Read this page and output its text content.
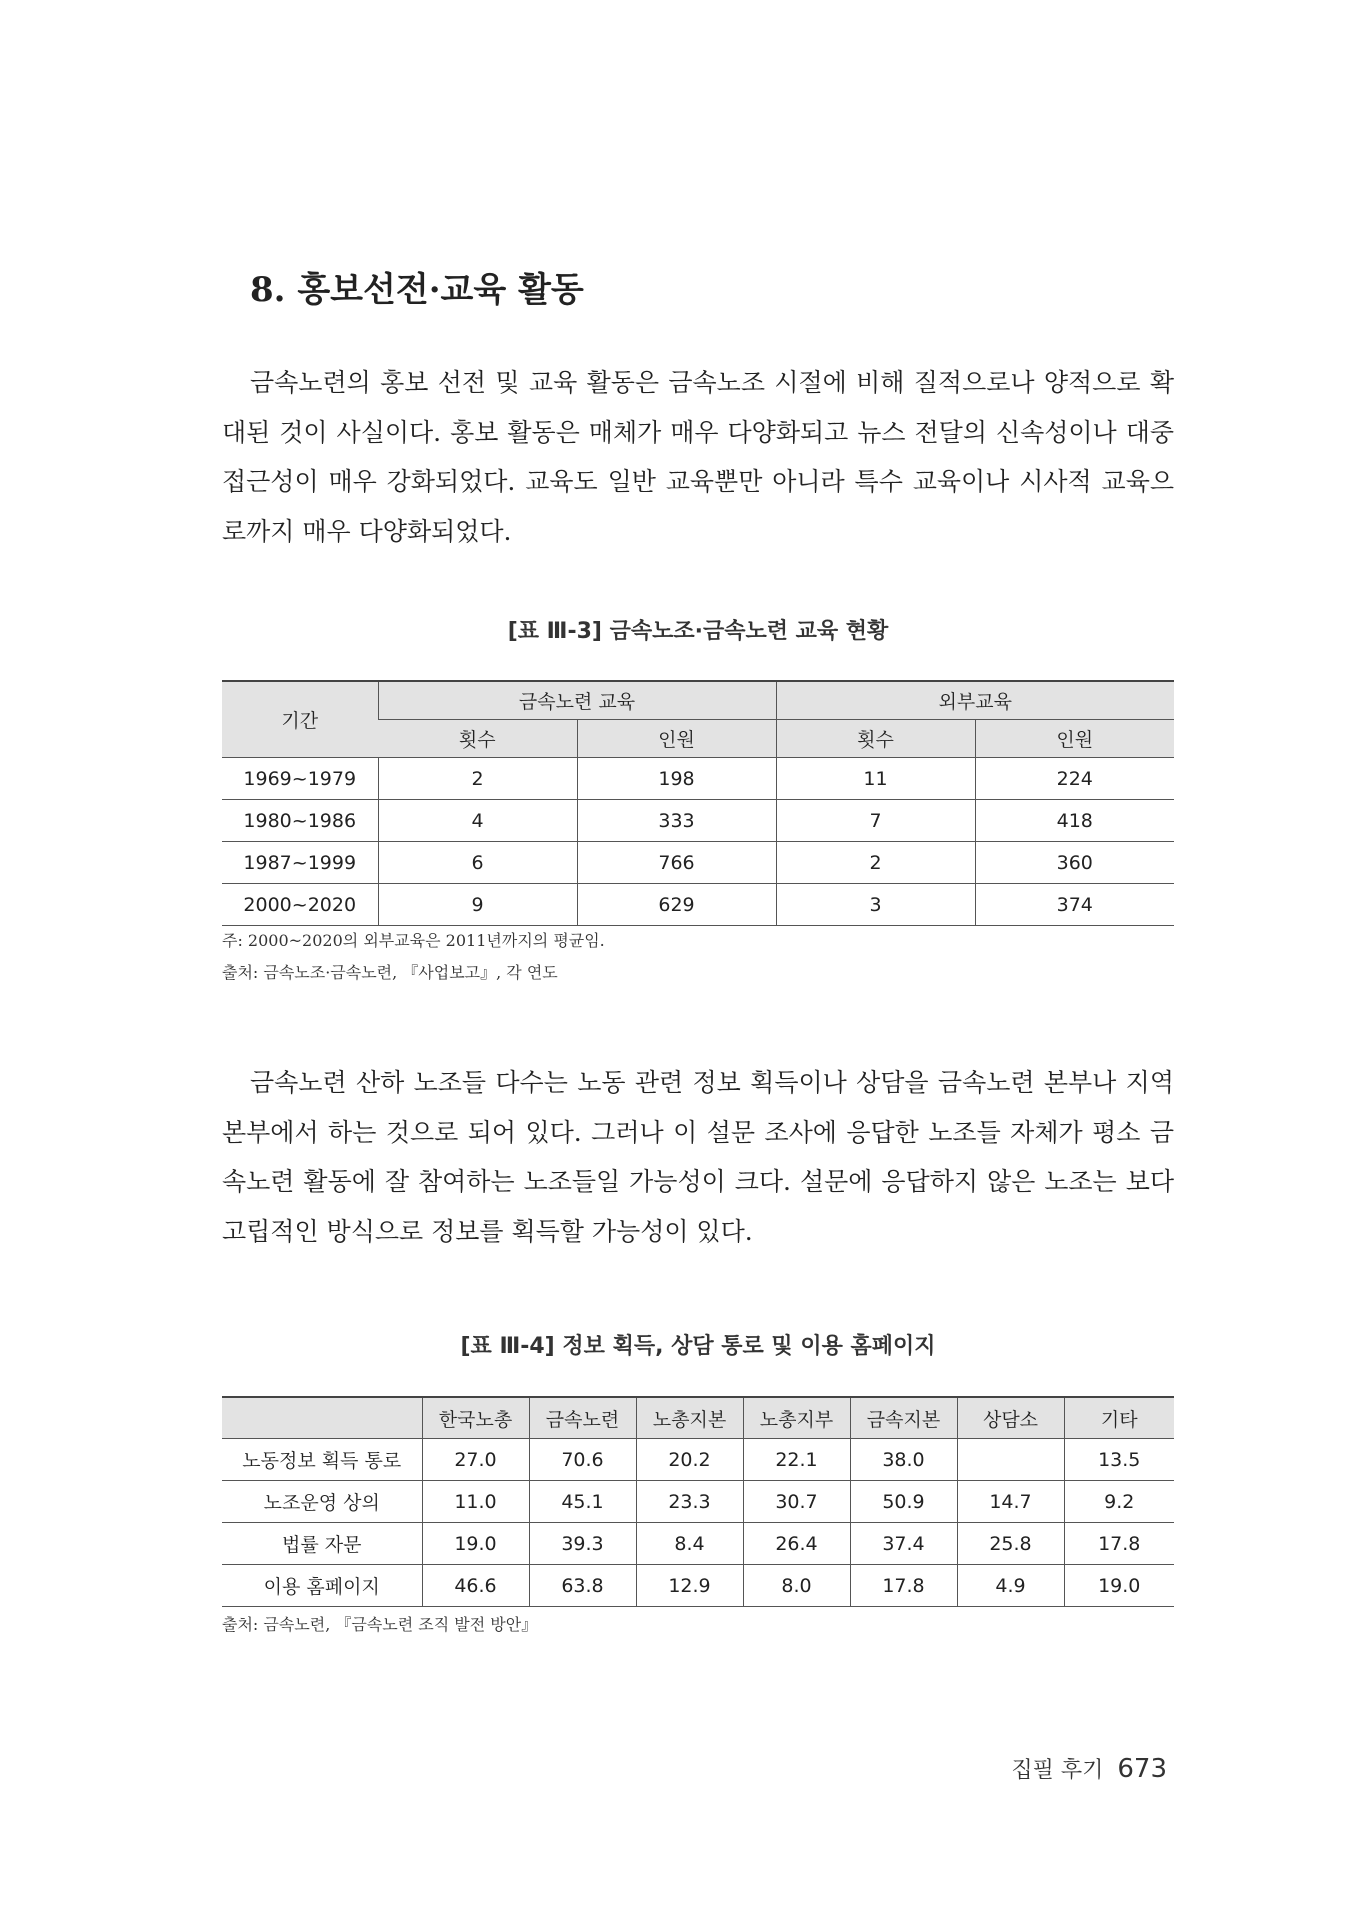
8. 홍보선전·교육 활동

금속노련의 홍보 선전 및 교육 활동은 금속노조 시절에 비해 질적으로나 양적으로 확대된 것이 사실이다. 홍보 활동은 매체가 매우 다양화되고 뉴스 전달의 신속성이나 대중 접근성이 매우 강화되었다. 교육도 일반 교육뿐만 아니라 특수 교육이나 시사적 교육으로까지 매우 다양화되었다.

[표 Ⅲ-3] 금속노조·금속노련 교육 현황

기간	금속노련 교육		외부교육	
	횟수	인원	횟수	인원
1969~1979	2	198	11	224
1980~1986	4	333	7	418
1987~1999	6	766	2	360
2000~2020	9	629	3	374

주: 2000~2020의 외부교육은 2011년까지의 평균임.

출처: 금속노조·금속노련, 『사업보고』, 각 연도

금속노련 산하 노조들 다수는 노동 관련 정보 획득이나 상담을 금속노련 본부나 지역 본부에서 하는 것으로 되어 있다. 그러나 이 설문 조사에 응답한 노조들 자체가 평소 금속노련 활동에 잘 참여하는 노조들일 가능성이 크다. 설문에 응답하지 않은 노조는 보다 고립적인 방식으로 정보를 획득할 가능성이 있다.

[표 Ⅲ-4] 정보 획득, 상담 통로 및 이용 홈페이지

	한국노총	금속노련	노총지본	노총지부	금속지본	상담소	기타
노동정보 획득 통로	27.0	70.6	20.2	22.1	38.0		13.5
노조운영 상의	11.0	45.1	23.3	30.7	50.9	14.7	9.2
법률 자문	19.0	39.3	8.4	26.4	37.4	25.8	17.8
이용 홈페이지	46.6	63.8	12.9	8.0	17.8	4.9	19.0

출처: 금속노련, 『금속노련 조직 발전 방안』

집필 후기 673
